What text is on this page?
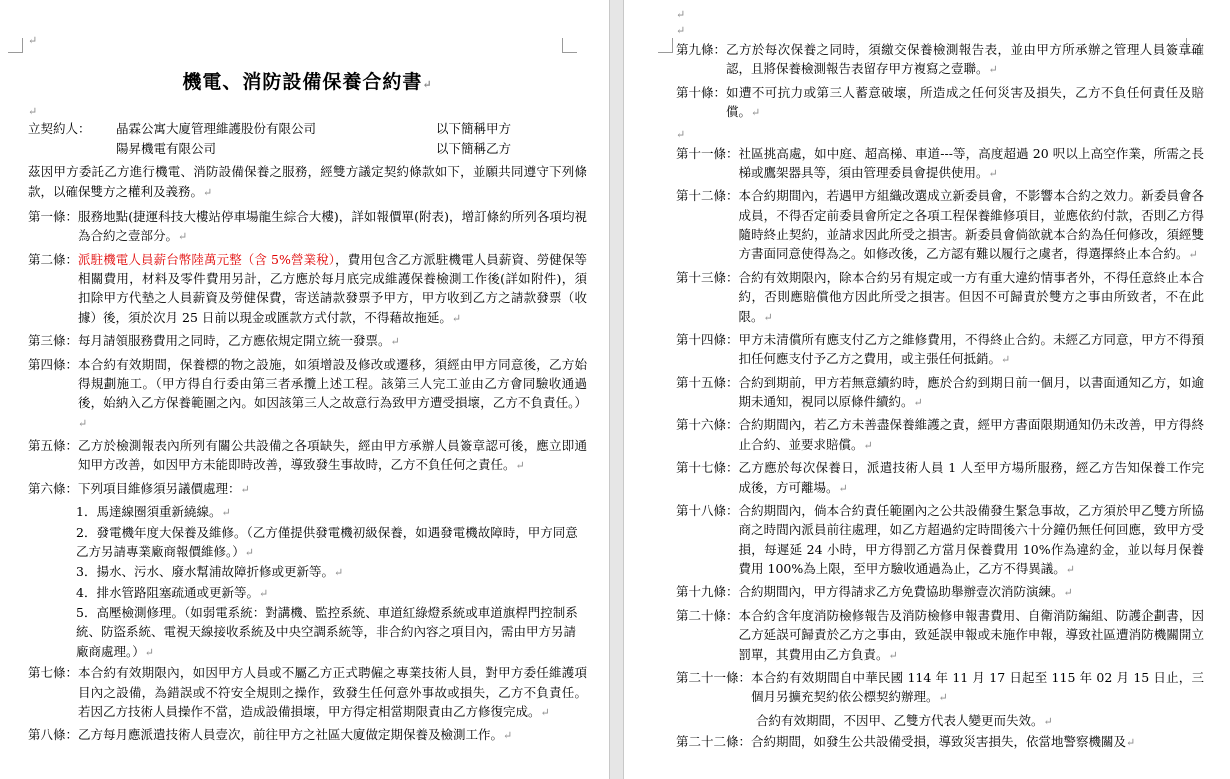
↵
機電、消防設備保養合約書↵
↵
立契約人：	晶霖公寓大廈管理維護股份有限公司	以下簡稱甲方
陽昇機電有限公司	以下簡稱乙方
茲因甲方委託乙方進行機電、消防設備保養之服務，經雙方議定契約條款如下，並願共同遵守下列條款，以確保雙方之權利及義務。↵
第一條： 服務地點(捷運科技大樓站停車場龍生綜合大樓)，詳如報價單(附表)，增訂條約所列各項均視為合約之壹部分。↵
第二條： 派駐機電人員薪台幣陸萬元整（含 5%營業稅），費用包含乙方派駐機電人員薪資、勞健保等相關費用，材料及零件費用另計，乙方應於每月底完成維護保養檢測工作後(詳如附件)，須扣除甲方代墊之人員薪資及勞健保費，寄送請款發票予甲方，甲方收到乙方之請款發票（收據）後，須於次月 25 日前以現金或匯款方式付款，不得藉故拖延。↵
第三條： 每月請領服務費用之同時，乙方應依規定開立統一發票。↵
第四條： 本合約有效期間，保養標的物之設施，如須增設及修改或遷移，須經由甲方同意後，乙方始得規劃施工。（甲方得自行委由第三者承攬上述工程。該第三人完工並由乙方會同驗收通過後，始納入乙方保養範圍之內。如因該第三人之故意行為致甲方遭受損壞，乙方不負責任。）↵
第五條： 乙方於檢測報表內所列有關公共設備之各項缺失，經由甲方承辦人員簽章認可後，應立即通知甲方改善，如因甲方未能即時改善，導致發生事故時，乙方不負任何之責任。↵
第六條： 下列項目維修須另議價處理：↵
1．馬達線圈須重新繞線。↵
2．發電機年度大保養及維修。（乙方僅提供發電機初級保養，如遇發電機故障時，甲方同意乙方另請專業廠商報價維修。）↵
3．揚水、污水、廢水幫浦故障折修或更新等。↵
4．排水管路阻塞疏通或更新等。↵
5．高壓檢測修理。（如弱電系統：對講機、監控系統、車道紅綠燈系統或車道旗桿門控制系統、防盜系統、電視天線接收系統及中央空調系統等，非合約內容之項目內，需由甲方另請廠商處理。）↵
第七條： 本合約有效期限內，如因甲方人員或不屬乙方正式聘僱之專業技術人員，對甲方委任維護項目內之設備，為錯誤或不符安全規則之操作，致發生任何意外事故或損失，乙方不負責任。若因乙方技術人員操作不當，造成設備損壞，甲方得定相當期限責由乙方修復完成。↵
第八條： 乙方每月應派遣技術人員壹次，前往甲方之社區大廈做定期保養及檢測工作。↵
↵
↵
第九條： 乙方於每次保養之同時，須繳交保養檢測報告表，並由甲方所承辦之管理人員簽章確認，且將保養檢測報告表留存甲方複寫之壹聯。↵
第十條： 如遭不可抗力或第三人蓄意破壞，所造成之任何災害及損失，乙方不負任何責任及賠償。↵
↵
第十一條： 社區挑高處，如中庭、超高梯、車道---等，高度超過 20 呎以上高空作業，所需之長梯或鷹架器具等，須由管理委員會提供使用。↵
第十二條： 本合約期間內，若遇甲方組織改選成立新委員會，不影響本合約之效力。新委員會各成員，不得否定前委員會所定之各項工程保養維修項目，並應依約付款，否則乙方得隨時終止契約，並請求因此所受之損害。新委員會倘欲就本合約為任何修改，須經雙方書面同意使得為之。如修改後，乙方認有難以履行之虞者，得選擇終止本合約。↵
第十三條： 合約有效期限內，除本合約另有規定或一方有重大違約情事者外，不得任意終止本合約，否則應賠償他方因此所受之損害。但因不可歸責於雙方之事由所致者，不在此限。↵
第十四條： 甲方未清償所有應支付乙方之維修費用，不得終止合約。未經乙方同意，甲方不得預扣任何應支付予乙方之費用，或主張任何抵銷。↵
第十五條： 合約到期前，甲方若無意續約時，應於合約到期日前一個月，以書面通知乙方，如逾期未通知，視同以原條件續約。↵
第十六條： 合約期間內，若乙方未善盡保養維護之責，經甲方書面限期通知仍未改善，甲方得終止合約、並要求賠償。↵
第十七條： 乙方應於每次保養日，派遣技術人員 1 人至甲方場所服務，經乙方告知保養工作完成後，方可離場。↵
第十八條： 合約期間內，倘本合約責任範圍內之公共設備發生緊急事故，乙方須於甲乙雙方所協商之時間內派員前往處理，如乙方超過約定時間後六十分鐘仍無任何回應，致甲方受損，每遲延 24 小時，甲方得罰乙方當月保養費用 10%作為違約金，並以每月保養費用 100%為上限，至甲方驗收通過為止，乙方不得異議。↵
第十九條： 合約期間內，甲方得請求乙方免費協助舉辦壹次消防演練。↵
第二十條： 本合約含年度消防檢修報告及消防檢修申報書費用、自衛消防編組、防護企劃書，因乙方延誤可歸責於乙方之事由，致延誤申報或未施作申報，導致社區遭消防機關開立罰單，其費用由乙方負責。↵
第二十一條： 本合約有效期間自中華民國 114 年 11 月 17 日起至 115 年 02 月 15 日止，三個月另擴充契約依公標契約辦理。↵
合約有效期間，不因甲、乙雙方代表人變更而失效。↵
第二十二條： 合約期間，如發生公共設備受損，導致災害損失，依當地警察機關及↵
